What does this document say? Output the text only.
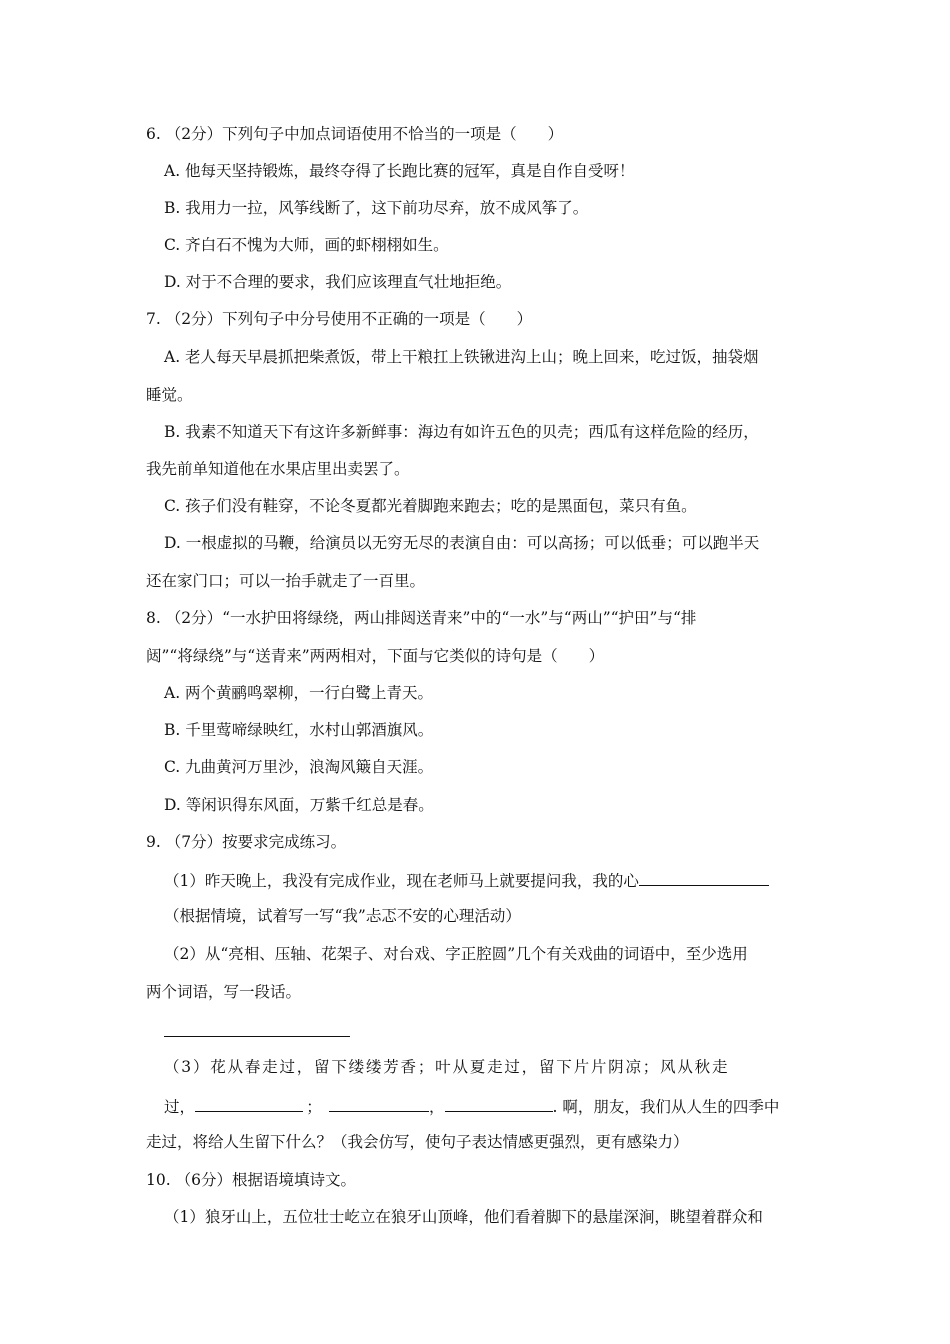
6. （2分）下列句子中加点词语使用不恰当的一项是（　　）
A. 他每天坚持锻炼，最终夺得了长跑比赛的冠军，真是自作自受呀！
B. 我用力一拉，风筝线断了，这下前功尽弃，放不成风筝了。
C. 齐白石不愧为大师，画的虾栩栩如生。
D. 对于不合理的要求，我们应该理直气壮地拒绝。
7. （2分）下列句子中分号使用不正确的一项是（　　）
A. 老人每天早晨抓把柴煮饭，带上干粮扛上铁锹进沟上山；晚上回来，吃过饭，抽袋烟
睡觉。
B. 我素不知道天下有这许多新鲜事：海边有如许五色的贝壳；西瓜有这样危险的经历，
我先前单知道他在水果店里出卖罢了。
C. 孩子们没有鞋穿，不论冬夏都光着脚跑来跑去；吃的是黑面包，菜只有鱼。
D. 一根虚拟的马鞭，给演员以无穷无尽的表演自由：可以高扬；可以低垂；可以跑半天
还在家门口；可以一抬手就走了一百里。
8. （2分）“一水护田将绿绕，两山排闼送青来”中的“一水”与“两山”“护田”与“排
闼”“将绿绕”与“送青来”两两相对，下面与它类似的诗句是（　　）
A. 两个黄鹂鸣翠柳，一行白鹭上青天。
B. 千里莺啼绿映红，水村山郭酒旗风。
C. 九曲黄河万里沙，浪淘风簸自天涯。
D. 等闲识得东风面，万紫千红总是春。
9. （7分）按要求完成练习。
（1）昨天晚上，我没有完成作业，现在老师马上就要提问我，我的心
（根据情境，试着写一写“我”忐忑不安的心理活动）
（2）从“亮相、压轴、花架子、对台戏、字正腔圆”几个有关戏曲的词语中，至少选用
两个词语，写一段话。
（3）花从春走过，留下缕缕芳香；叶从夏走过，留下片片阴凉；风从秋走
过，	；	，	. 啊，朋友，我们从人生的四季中
走过，将给人生留下什么？（我会仿写，使句子表达情感更强烈，更有感染力）
10. （6分）根据语境填诗文。
（1）狼牙山上，五位壮士屹立在狼牙山顶峰，他们看着脚下的悬崖深涧，眺望着群众和
